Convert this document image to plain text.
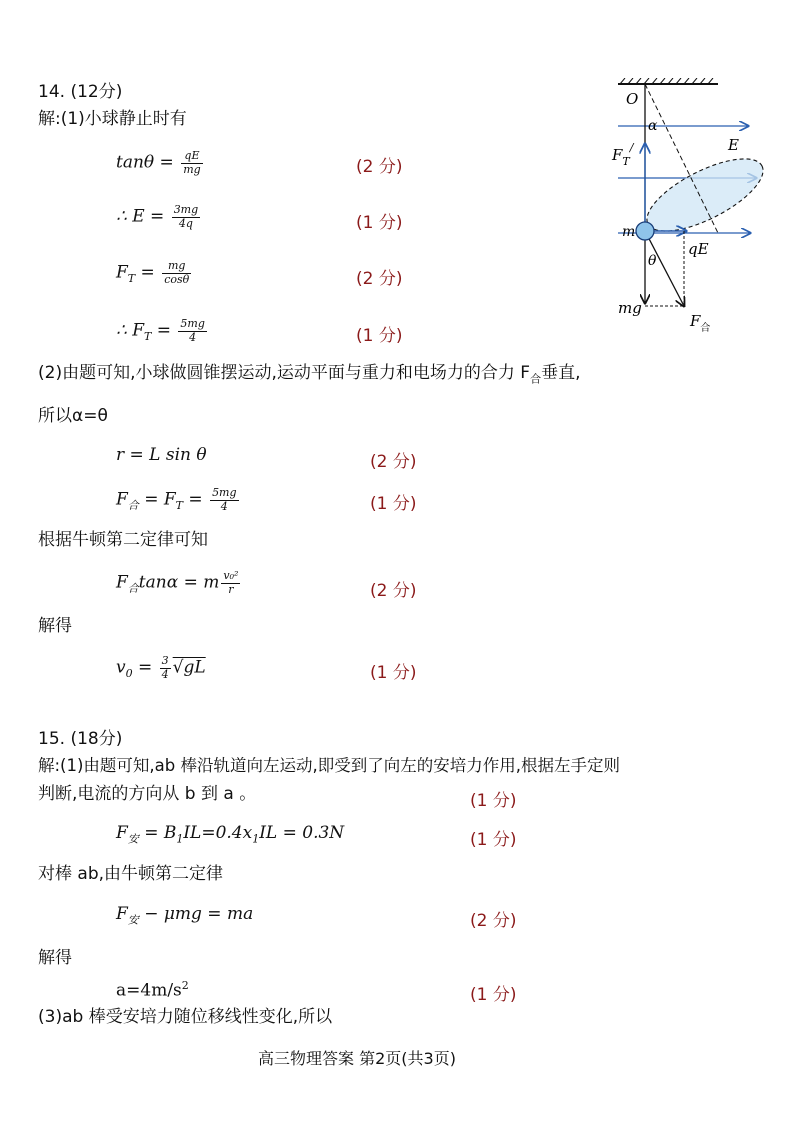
14. (12分)
解:(1)小球静止时有
$\tan\theta = \frac{qE}{mg}$	(2 分)
∴ $E = \frac{3mg}{4q}$	(1 分)
$F_T = \frac{mg}{\cos\theta}$	(2 分)
∴ $F_T = \frac{5mg}{4}$	(1 分)
(2)由题可知,小球做圆锥摆运动,运动平面与重力和电场力的合力 $F_合$垂直,
所以α=θ
r = L sin θ	(2 分)
$F_合 = F_T = \frac{5mg}{4}$	(1 分)
根据牛顿第二定律可知
$F_合\tan\alpha = m \frac{\text{v₀²}}{r}$	(2 分)
解得
$v_0 = \frac{3}{4} √gL$	(1 分)
15. (18分)
解:(1)由题可知,ab 棒沿轨道向左运动,即受到了向左的安培力作用,根据左手定则
判断,电流的方向从 b 到 a 。	(1 分)
$F_安 = B_1IL=0.4x_1IL = 0.3N$	(1 分)
对棒 ab,由牛顿第二定律
$F_安 - \mu mg$ = ma	(2 分)
解得
$a=4m/s^2$	(1 分)
(3)ab 棒受安培力随位移线性变化,所以
高三物理答案 第2页(共3页)
O
α
E
$F_T^/$
m
θ
qE
mg
$F_合$
